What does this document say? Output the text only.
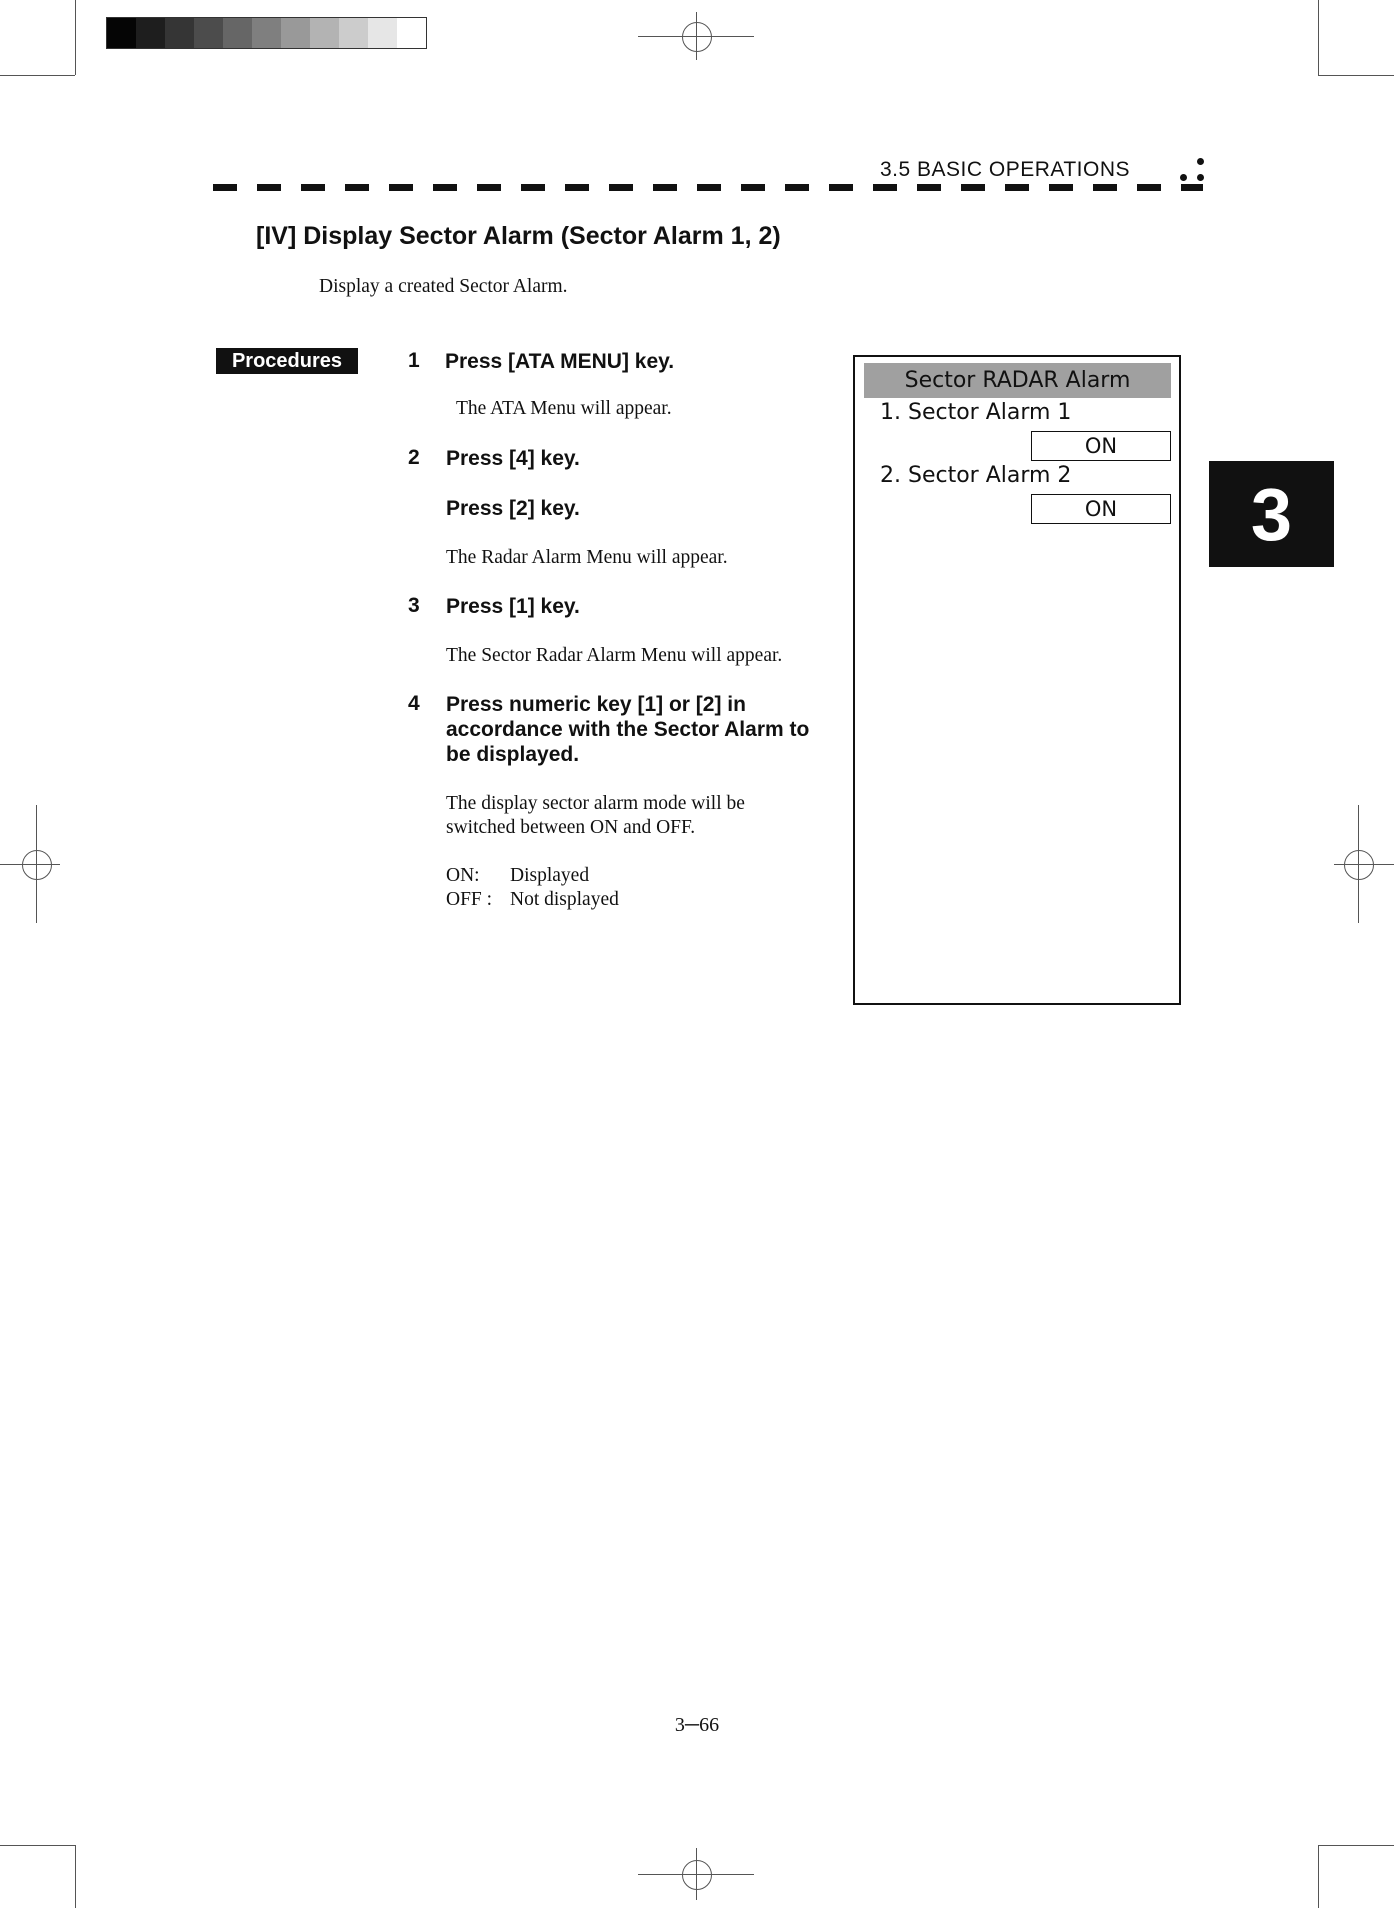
3.5 BASIC OPERATIONS
3
[IV] Display Sector Alarm (Sector Alarm 1, 2)
Display a created Sector Alarm.
Procedures	1 Press [ATA MENU] key.
The ATA Menu will appear.
2 Press [4] key.
Press [2] key.
The Radar Alarm Menu will appear.
3 Press [1] key.
The Sector Radar Alarm Menu will appear.
4 Press numeric key [1] or [2] in
accordance with the Sector Alarm to
be displayed.
The display sector alarm mode will be
switched between ON and OFF.
ON: Displayed
OFF : Not displayed
Sector RADAR Alarm
1. Sector Alarm 1
ON
2. Sector Alarm 2
ON
3─66
